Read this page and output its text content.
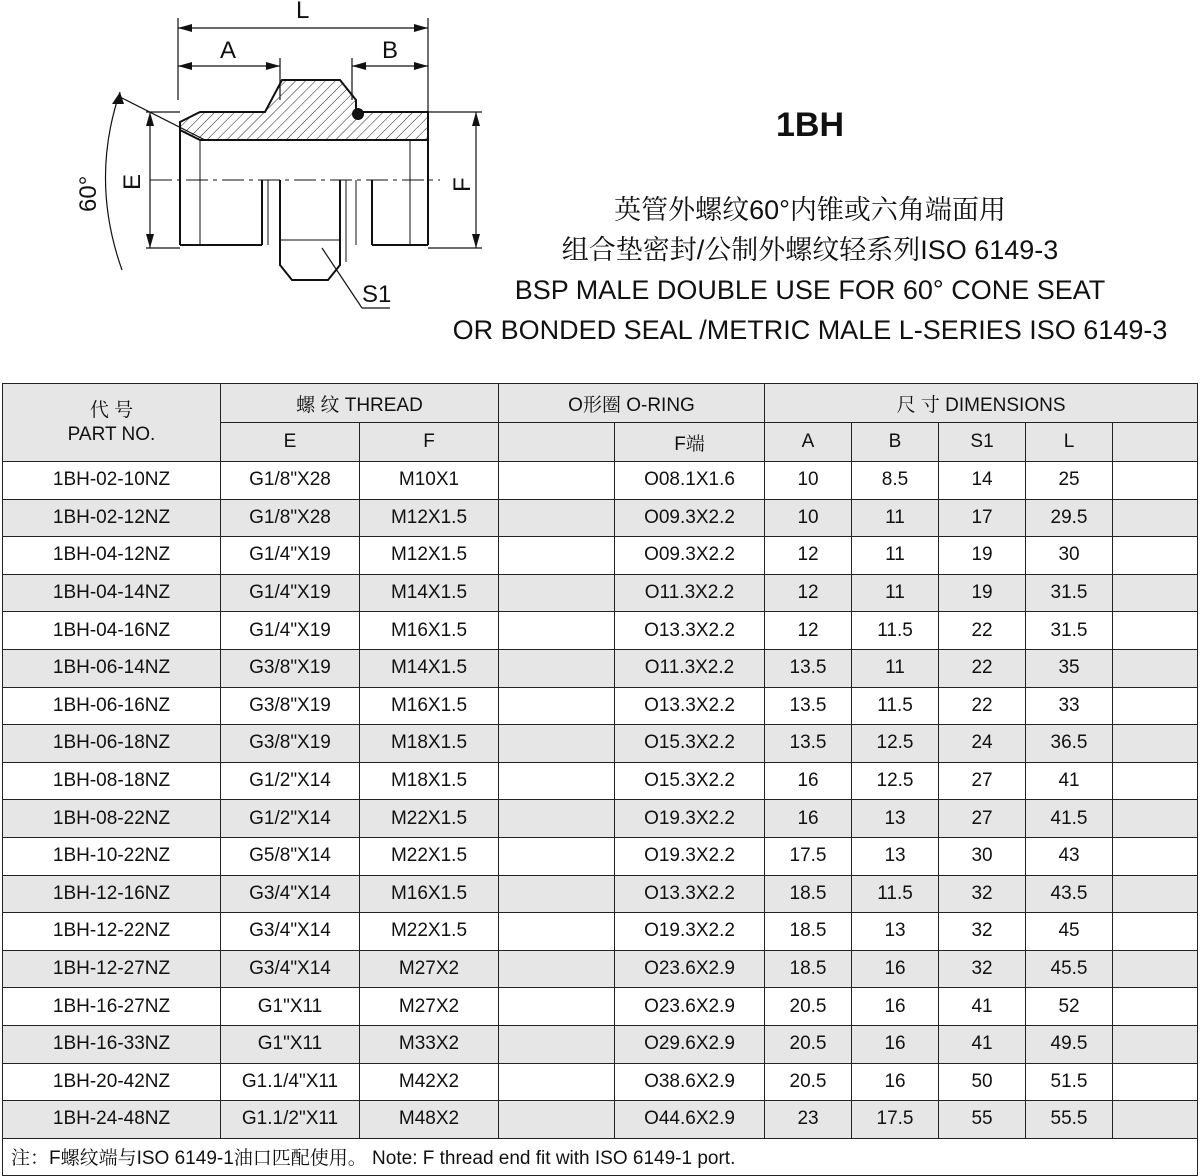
L
A	B
E	F
S1
60°
1BH
英管外螺纹60°内锥或六角端面用
组合垫密封/公制外螺纹轻系列ISO 6149-3
BSP MALE DOUBLE USE FOR 60° CONE SEAT
OR BONDED SEAL /METRIC MALE L-SERIES ISO 6149-3
代 号
PART NO.	螺 纹 THREAD		O形圈 O-RING		尺 寸 DIMENSIONS				
	E	F		F端	A	B	S1	L	
1BH-02-10NZ	G1/8"X28	M10X1		O08.1X1.6	10	8.5	14	25	
1BH-02-12NZ	G1/8"X28	M12X1.5		O09.3X2.2	10	11	17	29.5	
1BH-04-12NZ	G1/4"X19	M12X1.5		O09.3X2.2	12	11	19	30	
1BH-04-14NZ	G1/4"X19	M14X1.5		O11.3X2.2	12	11	19	31.5	
1BH-04-16NZ	G1/4"X19	M16X1.5		O13.3X2.2	12	11.5	22	31.5	
1BH-06-14NZ	G3/8"X19	M14X1.5		O11.3X2.2	13.5	11	22	35	
1BH-06-16NZ	G3/8"X19	M16X1.5		O13.3X2.2	13.5	11.5	22	33	
1BH-06-18NZ	G3/8"X19	M18X1.5		O15.3X2.2	13.5	12.5	24	36.5	
1BH-08-18NZ	G1/2"X14	M18X1.5		O15.3X2.2	16	12.5	27	41	
1BH-08-22NZ	G1/2"X14	M22X1.5		O19.3X2.2	16	13	27	41.5	
1BH-10-22NZ	G5/8"X14	M22X1.5		O19.3X2.2	17.5	13	30	43	
1BH-12-16NZ	G3/4"X14	M16X1.5		O13.3X2.2	18.5	11.5	32	43.5	
1BH-12-22NZ	G3/4"X14	M22X1.5		O19.3X2.2	18.5	13	32	45	
1BH-12-27NZ	G3/4"X14	M27X2		O23.6X2.9	18.5	16	32	45.5	
1BH-16-27NZ	G1"X11	M27X2		O23.6X2.9	20.5	16	41	52	
1BH-16-33NZ	G1"X11	M33X2		O29.6X2.9	20.5	16	41	49.5	
1BH-20-42NZ	G1.1/4"X11	M42X2		O38.6X2.9	20.5	16	50	51.5	
1BH-24-48NZ	G1.1/2"X11	M48X2		O44.6X2.9	23	17.5	55	55.5	
注：F螺纹端与ISO 6149-1油口匹配使用。 Note: F thread end fit with ISO 6149-1 port.									
